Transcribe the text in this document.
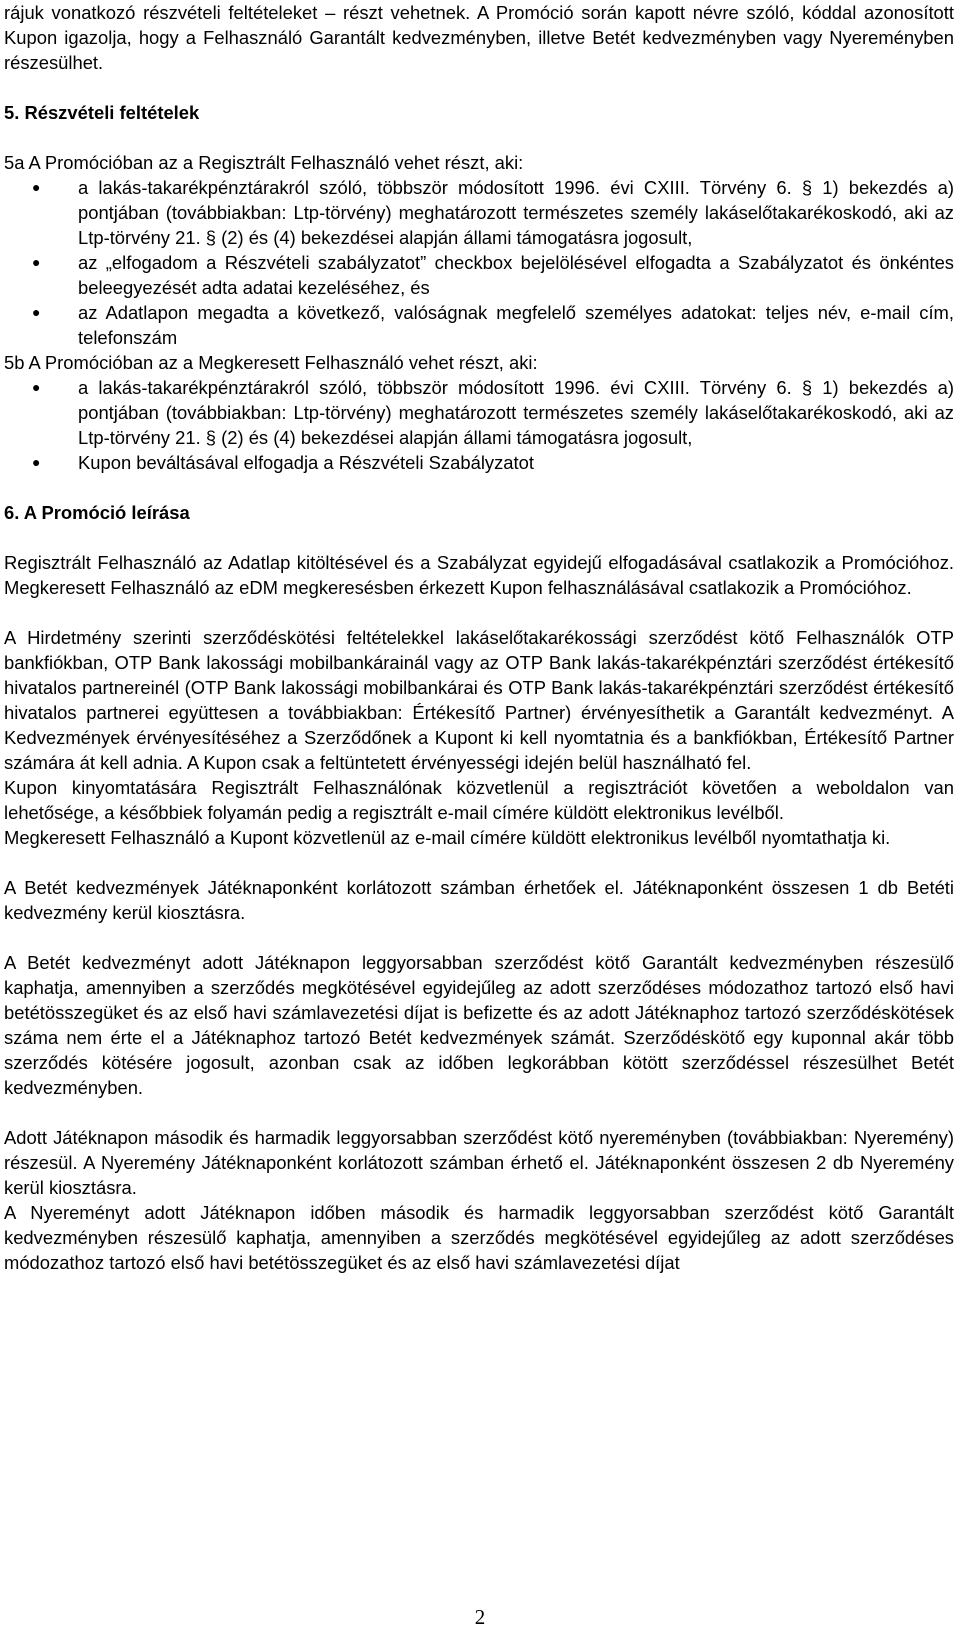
rájuk vonatkozó részvételi feltételeket – részt vehetnek. A Promóció során kapott névre szóló, kóddal azonosított Kupon igazolja, hogy a Felhasználó Garantált kedvezményben, illetve Betét kedvezményben vagy Nyereményben részesülhet.

5. Részvételi feltételek

5a A Promócióban az a Regisztrált Felhasználó vehet részt, aki:

● a lakás-takarékpénztárakról szóló, többször módosított 1996. évi CXIII. Törvény 6. § 1) bekezdés a) pontjában (továbbiakban: Ltp-törvény) meghatározott természetes személy lakáselőtakarékoskodó, aki az Ltp-törvény 21. § (2) és (4) bekezdései alapján állami támogatásra jogosult,
● az „elfogadom a Részvételi szabályzatot” checkbox bejelölésével elfogadta a Szabályzatot és önkéntes beleegyezését adta adatai kezeléséhez, és
● az Adatlapon megadta a következő, valóságnak megfelelő személyes adatokat: teljes név, e-mail cím, telefonszám

5b A Promócióban az a Megkeresett Felhasználó vehet részt, aki:

● a lakás-takarékpénztárakról szóló, többször módosított 1996. évi CXIII. Törvény 6. § 1) bekezdés a) pontjában (továbbiakban: Ltp-törvény) meghatározott természetes személy lakáselőtakarékoskodó, aki az Ltp-törvény 21. § (2) és (4) bekezdései alapján állami támogatásra jogosult,
● Kupon beváltásával elfogadja a Részvételi Szabályzatot
6. A Promóció leírása

Regisztrált Felhasználó az Adatlap kitöltésével és a Szabályzat egyidejű elfogadásával csatlakozik a Promócióhoz. Megkeresett Felhasználó az eDM megkeresésben érkezett Kupon felhasználásával csatlakozik a Promócióhoz.

A Hirdetmény szerinti szerződéskötési feltételekkel lakáselőtakarékossági szerződést kötő Felhasználók OTP bankfiókban, OTP Bank lakossági mobilbankárainál vagy az OTP Bank lakás-takarékpénztári szerződést értékesítő hivatalos partnereinél (OTP Bank lakossági mobilbankárai és OTP Bank lakás-takarékpénztári szerződést értékesítő hivatalos partnerei együttesen a továbbiakban: Értékesítő Partner) érvényesíthetik a Garantált kedvezményt. A Kedvezmények érvényesítéséhez a Szerződőnek a Kupont ki kell nyomtatnia és a bankfiókban, Értékesítő Partner számára át kell adnia. A Kupon csak a feltüntetett érvényességi idején belül használható fel.

Kupon kinyomtatására Regisztrált Felhasználónak közvetlenül a regisztrációt követően a weboldalon van lehetősége, a későbbiek folyamán pedig a regisztrált e-mail címére küldött elektronikus levélből.

Megkeresett Felhasználó a Kupont közvetlenül az e-mail címére küldött elektronikus levélből nyomtathatja ki.

A Betét kedvezmények Játéknaponként korlátozott számban érhetőek el. Játéknaponként összesen 1 db Betéti kedvezmény kerül kiosztásra.

A Betét kedvezményt adott Játéknapon leggyorsabban szerződést kötő Garantált kedvezményben részesülő kaphatja, amennyiben a szerződés megkötésével egyidejűleg az adott szerződéses módozathoz tartozó első havi betétösszegüket és az első havi számlavezetési díjat is befizette és az adott Játéknaphoz tartozó szerződéskötések száma nem érte el a Játéknaphoz tartozó Betét kedvezmények számát. Szerződéskötő egy kuponnal akár több szerződés kötésére jogosult, azonban csak az időben legkorábban kötött szerződéssel részesülhet Betét kedvezményben.

Adott Játéknapon második és harmadik leggyorsabban szerződést kötő nyereményben (továbbiakban: Nyeremény) részesül. A Nyeremény Játéknaponként korlátozott számban érhető el. Játéknaponként összesen 2 db Nyeremény kerül kiosztásra.

A Nyereményt adott Játéknapon időben második és harmadik leggyorsabban szerződést kötő Garantált kedvezményben részesülő kaphatja, amennyiben a szerződés megkötésével egyidejűleg az adott szerződéses módozathoz tartozó első havi betétösszegüket és az első havi számlavezetési díjat

2
